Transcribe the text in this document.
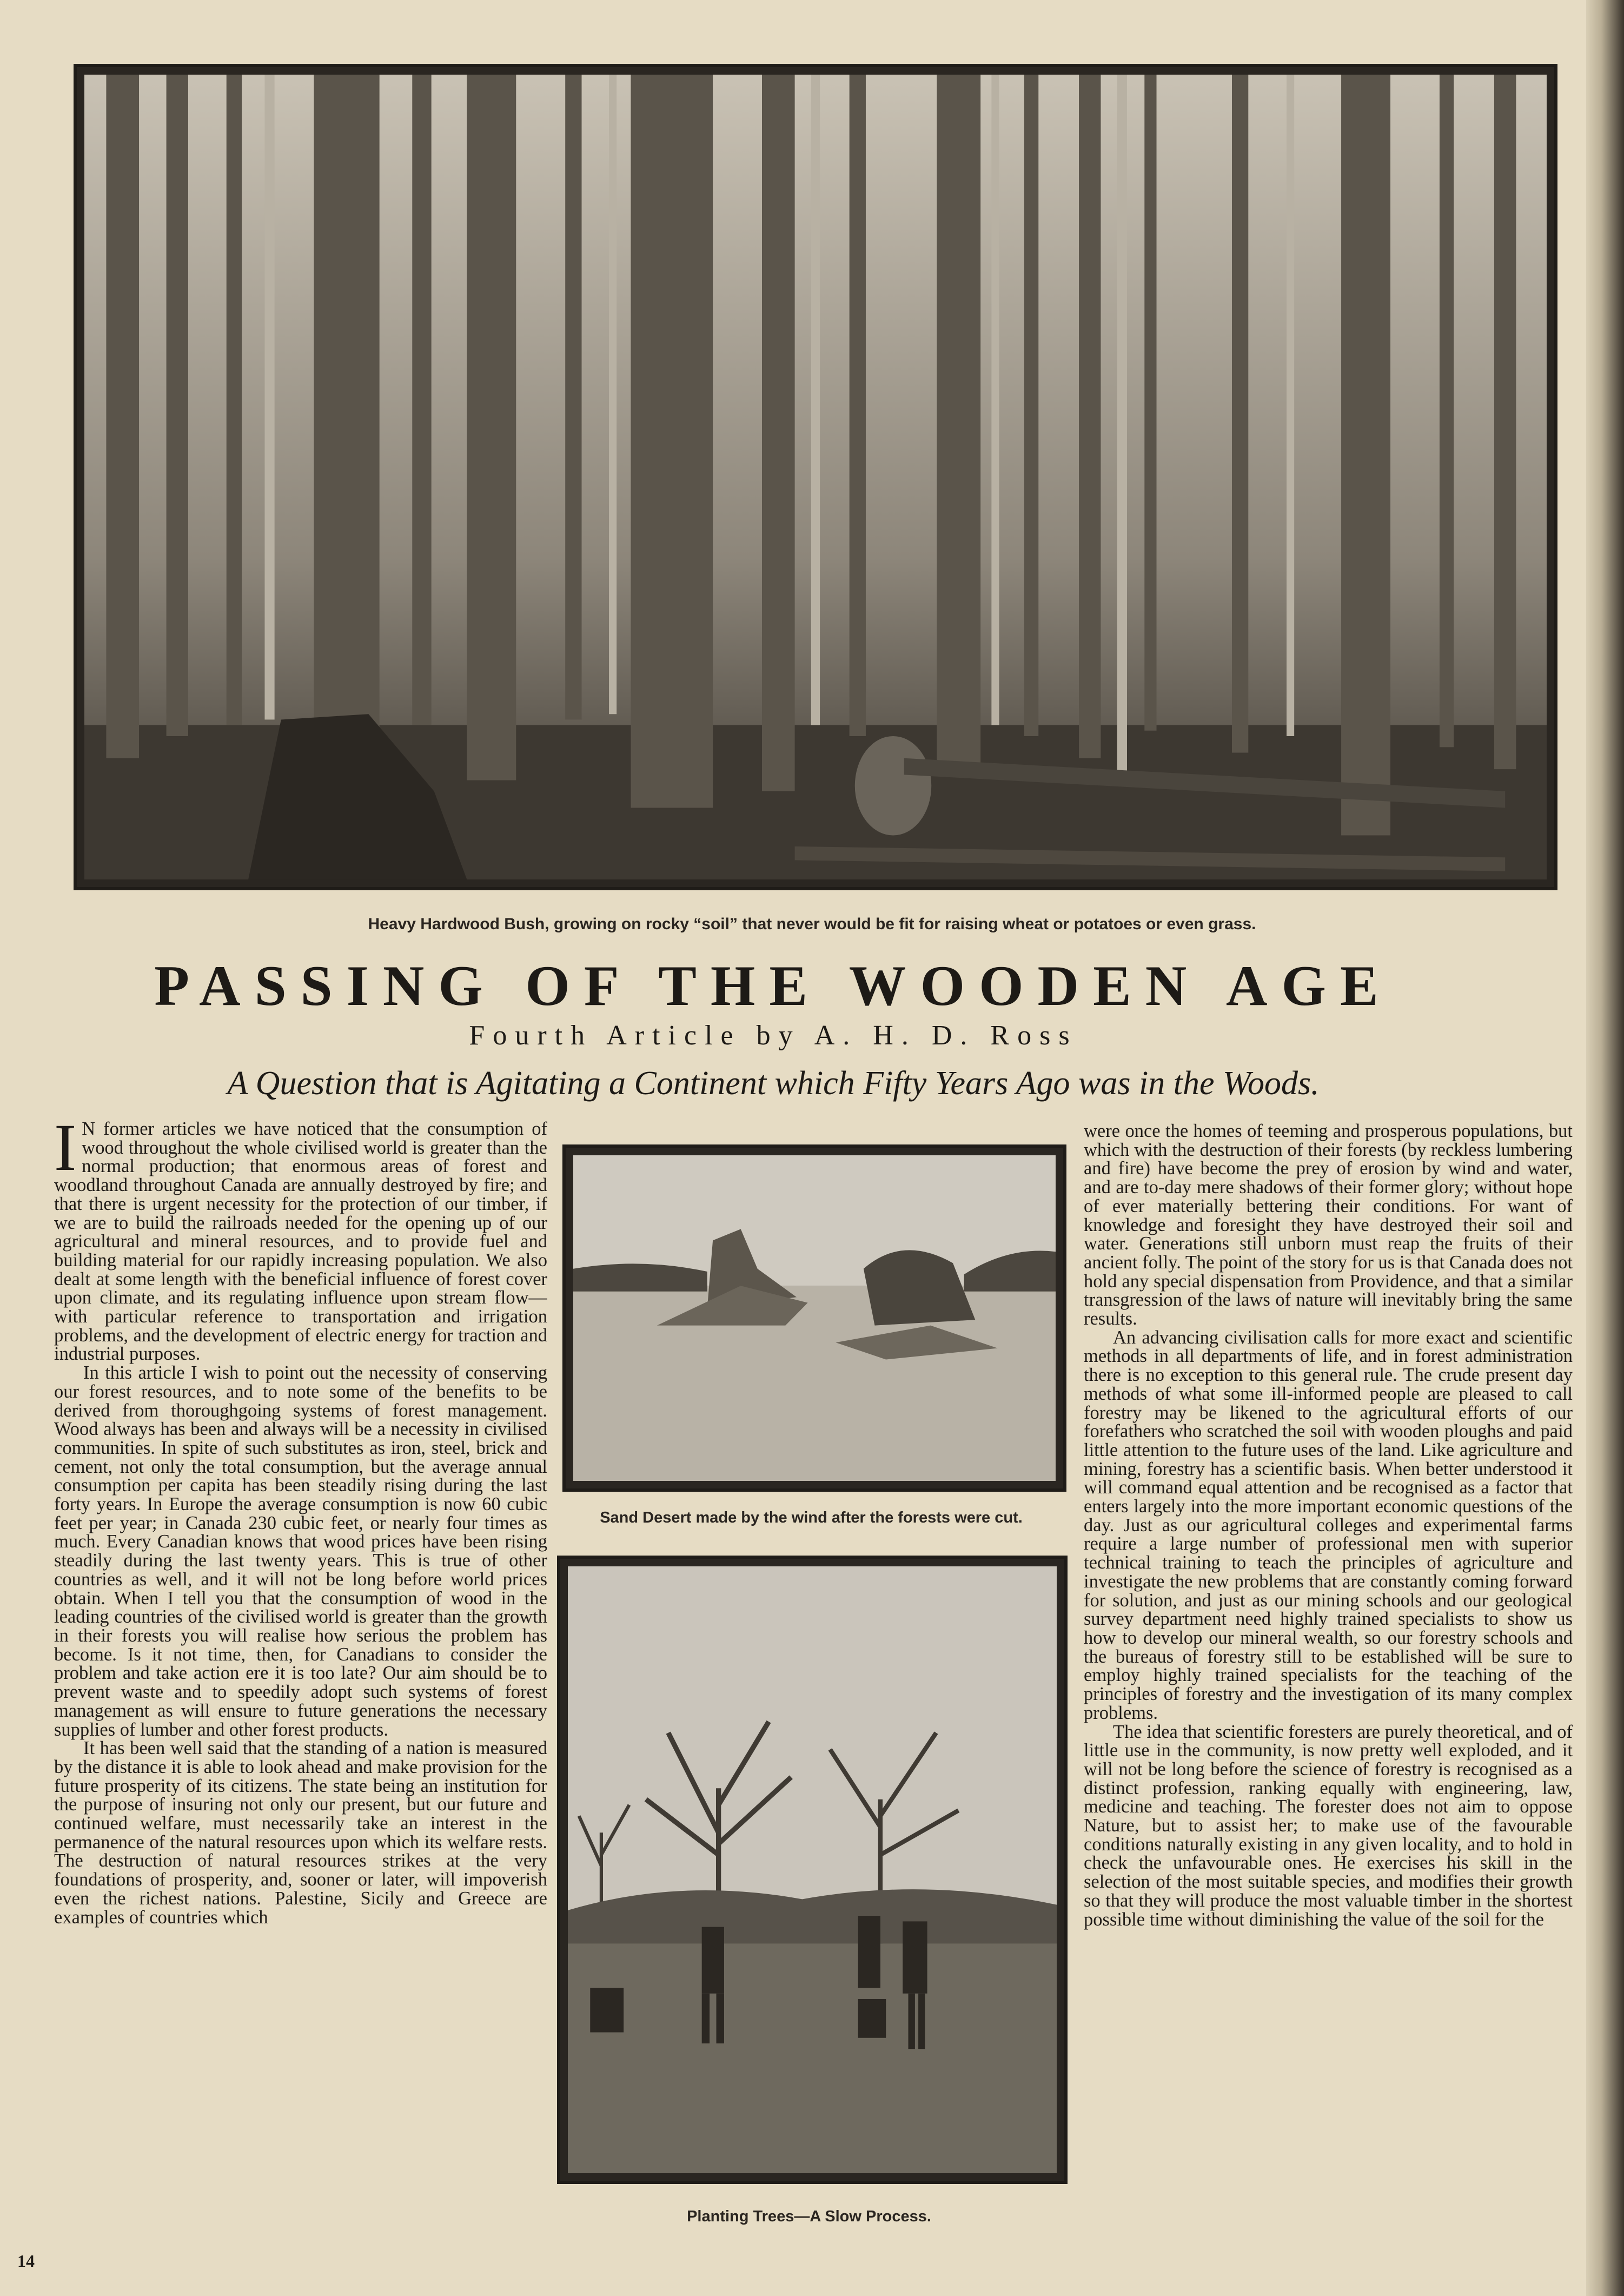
Heavy Hardwood Bush, growing on rocky “soil” that never would be fit for raising wheat or potatoes or even grass.
PASSING OF THE WOODEN AGE
Fourth Article by A. H. D. Ross
A Question that is Agitating a Continent which Fifty Years Ago was in the Woods.

I N former articles we have noticed that the consumption of wood throughout the whole civilised world is greater than the normal production; that enormous areas of forest and woodland throughout Canada are annually destroyed by fire; and that there is urgent necessity for the protection of our timber, if we are to build the railroads needed for the opening up of our agricultural and mineral resources, and to provide fuel and building material for our rapidly increasing population. We also dealt at some length with the beneficial influence of forest cover upon climate, and its regulating influence upon stream flow—with particular reference to transportation and irrigation problems, and the development of electric energy for traction and industrial purposes.

In this article I wish to point out the necessity of conserving our forest resources, and to note some of the benefits to be derived from thoroughgoing systems of forest management. Wood always has been and always will be a necessity in civilised communities. In spite of such substitutes as iron, steel, brick and cement, not only the total consumption, but the average annual consumption per capita has been steadily rising during the last forty years. In Europe the average consumption is now 60 cubic feet per year; in Canada 230 cubic feet, or nearly four times as much. Every Canadian knows that wood prices have been rising steadily during the last twenty years. This is true of other countries as well, and it will not be long before world prices obtain. When I tell you that the consumption of wood in the leading countries of the civilised world is greater than the growth in their forests you will realise how serious the problem has become. Is it not time, then, for Canadians to consider the problem and take action ere it is too late? Our aim should be to prevent waste and to speedily adopt such systems of forest management as will ensure to future generations the necessary supplies of lumber and other forest products.

It has been well said that the standing of a nation is measured by the distance it is able to look ahead and make provision for the future prosperity of its citizens. The state being an institution for the purpose of insuring not only our present, but our future and continued welfare, must necessarily take an interest in the permanence of the natural resources upon which its welfare rests. The destruction of natural resources strikes at the very foundations of prosperity, and, sooner or later, will impoverish even the richest nations. Palestine, Sicily and Greece are examples of countries which

Sand Desert made by the wind after the forests were cut.
Planting Trees—A Slow Process.

were once the homes of teeming and prosperous populations, but which with the destruction of their forests (by reckless lumbering and fire) have become the prey of erosion by wind and water, and are to-day mere shadows of their former glory; without hope of ever materially bettering their conditions. For want of knowledge and foresight they have destroyed their soil and water. Generations still unborn must reap the fruits of their ancient folly. The point of the story for us is that Canada does not hold any special dispensation from Providence, and that a similar transgression of the laws of nature will inevitably bring the same results.

An advancing civilisation calls for more exact and scientific methods in all departments of life, and in forest administration there is no exception to this general rule. The crude present day methods of what some ill-informed people are pleased to call forestry may be likened to the agricultural efforts of our forefathers who scratched the soil with wooden ploughs and paid little attention to the future uses of the land. Like agriculture and mining, forestry has a scientific basis. When better understood it will command equal attention and be recognised as a factor that enters largely into the more important economic questions of the day. Just as our agricultural colleges and experimental farms require a large number of professional men with superior technical training to teach the principles of agriculture and investigate the new problems that are constantly coming forward for solution, and just as our mining schools and our geological survey department need highly trained specialists to show us how to develop our mineral wealth, so our forestry schools and the bureaus of forestry still to be established will be sure to employ highly trained specialists for the teaching of the principles of forestry and the investigation of its many complex problems.

The idea that scientific foresters are purely theoretical, and of little use in the community, is now pretty well exploded, and it will not be long before the science of forestry is recognised as a distinct profession, ranking equally with engineering, law, medicine and teaching. The forester does not aim to oppose Nature, but to assist her; to make use of the favourable conditions naturally existing in any given locality, and to hold in check the unfavourable ones. He exercises his skill in the selection of the most suitable species, and modifies their growth so that they will produce the most valuable timber in the shortest possible time without diminishing the value of the soil for the

14
